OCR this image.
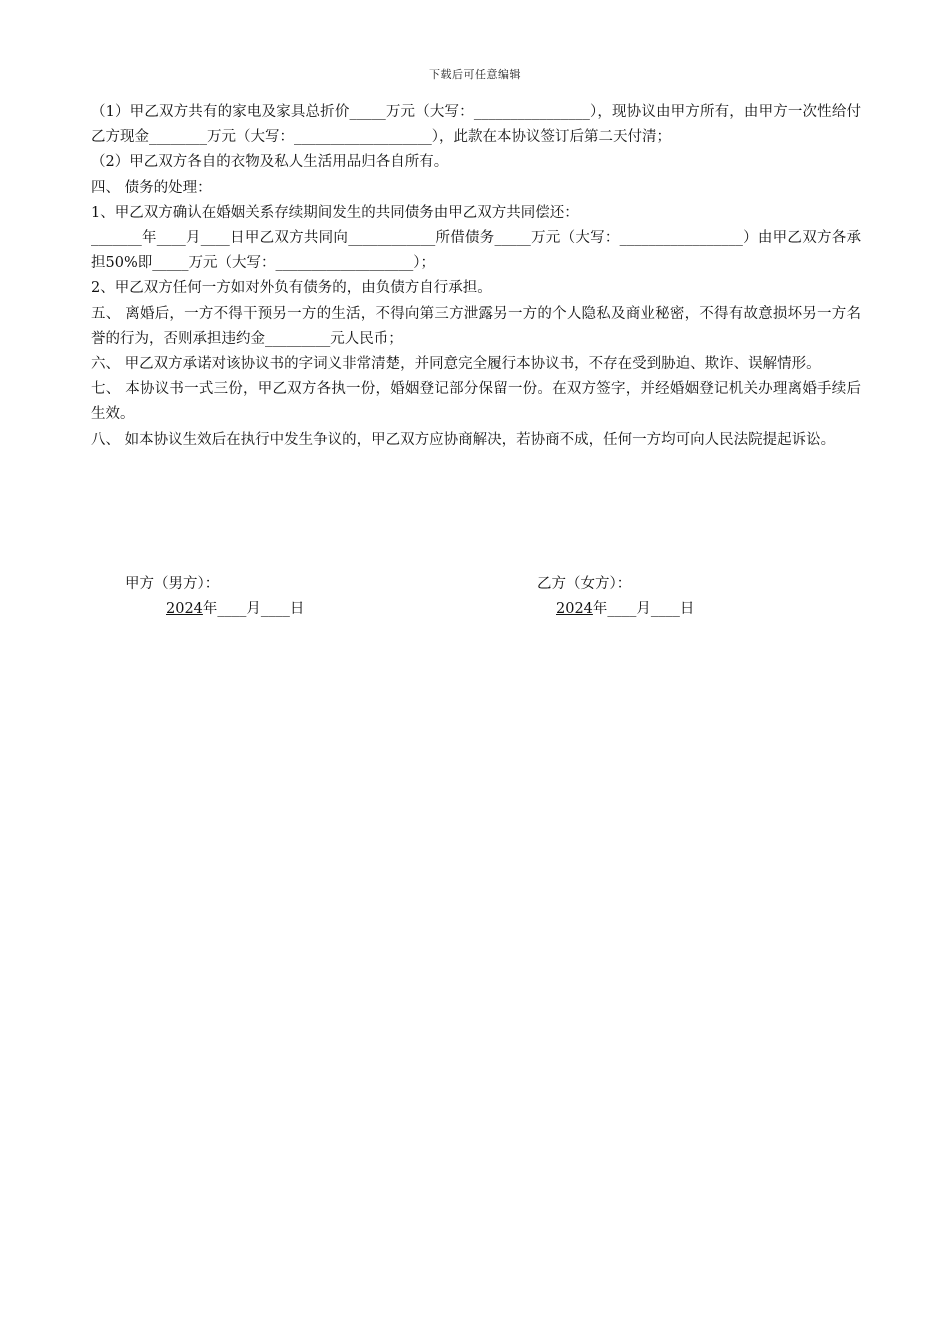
下载后可任意编辑

（1）甲乙双方共有的家电及家具总折价_____万元（大写：________________），现协议由甲方所有，由甲方一次性给付乙方现金________万元（大写：___________________），此款在本协议签订后第二天付清；

（2）甲乙双方各自的衣物及私人生活用品归各自所有。

四、 债务的处理：

1、甲乙双方确认在婚姻关系存续期间发生的共同债务由甲乙双方共同偿还：

_______年____月____日甲乙双方共同向____________所借债务_____万元（大写：_________________）由甲乙双方各承担50%即_____万元（大写：___________________）；

2、甲乙双方任何一方如对外负有债务的，由负债方自行承担。

五、 离婚后，一方不得干预另一方的生活，不得向第三方泄露另一方的个人隐私及商业秘密，不得有故意损坏另一方名誉的行为，否则承担违约金_________元人民币；

六、 甲乙双方承诺对该协议书的字词义非常清楚，并同意完全履行本协议书，不存在受到胁迫、欺诈、误解情形。

七、 本协议书一式三份，甲乙双方各执一份，婚姻登记部分保留一份。在双方签字，并经婚姻登记机关办理离婚手续后生效。

八、 如本协议生效后在执行中发生争议的，甲乙双方应协商解决，若协商不成，任何一方均可向人民法院提起诉讼。

甲方（男方）：
2024年____月____日
乙方（女方）：
2024年____月____日
